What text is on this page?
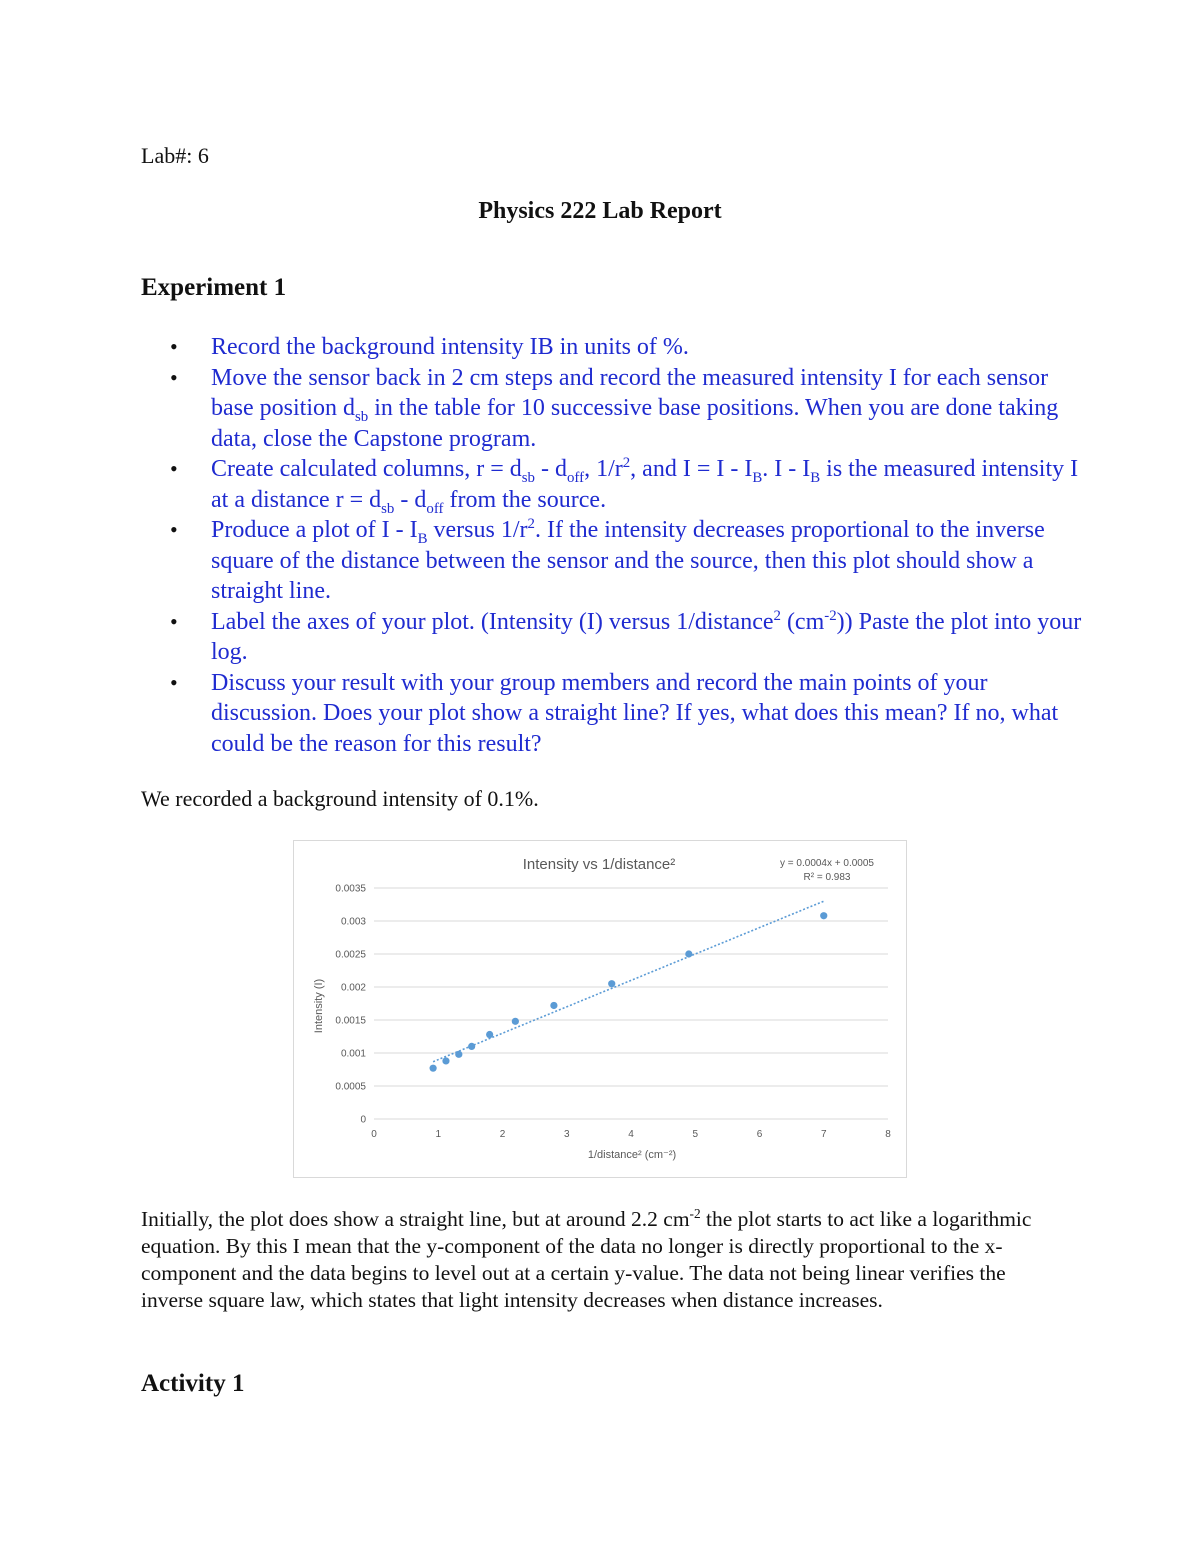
Lab#: 6
Physics 222 Lab Report
Experiment 1
• Record the background intensity IB in units of %.
• Move the sensor back in 2 cm steps and record the measured intensity I for each sensor base position $d_{sb}$ in the table for 10 successive base positions. When you are done taking data, close the Capstone program.
• Create calculated columns, $r = d_{sb} - d_{off}$, $1/r^2$, and $I = I - I_B$. I - $I_B$ is the measured intensity I at a distance $r = d_{sb} - d_{off}$ from the source.
• Produce a plot of I - $I_B$ versus $1/r^2$. If the intensity decreases proportional to the inverse square of the distance between the sensor and the source, then this plot should show a straight line.
• Label the axes of your plot. (Intensity (I) versus 1/distance$^2$ $(cm^{-2})$) Paste the plot into your log.
• Discuss your result with your group members and record the main points of your discussion. Does your plot show a straight line? If yes, what does this mean? If no, what could be the reason for this result?
We recorded a background intensity of 0.1%.
Intensity vs 1/distance²	y = 0.0004x + 0.0005
R² = 0.983
0
0.0005
0.001
0.0015
0.002
0.0025
0.003
0.0035
0	1	2	3	4	5	6	7	8
1/distance² (cm⁻²)
Intensity (I)
Initially, the plot does show a straight line, but at around 2.2 $cm^{-2}$ the plot starts to act like a logarithmic equation. By this I mean that the y-component of the data no longer is directly proportional to the x-component and the data begins to level out at a certain y-value. The data not being linear verifies the inverse square law, which states that light intensity decreases when distance increases.
Activity 1
